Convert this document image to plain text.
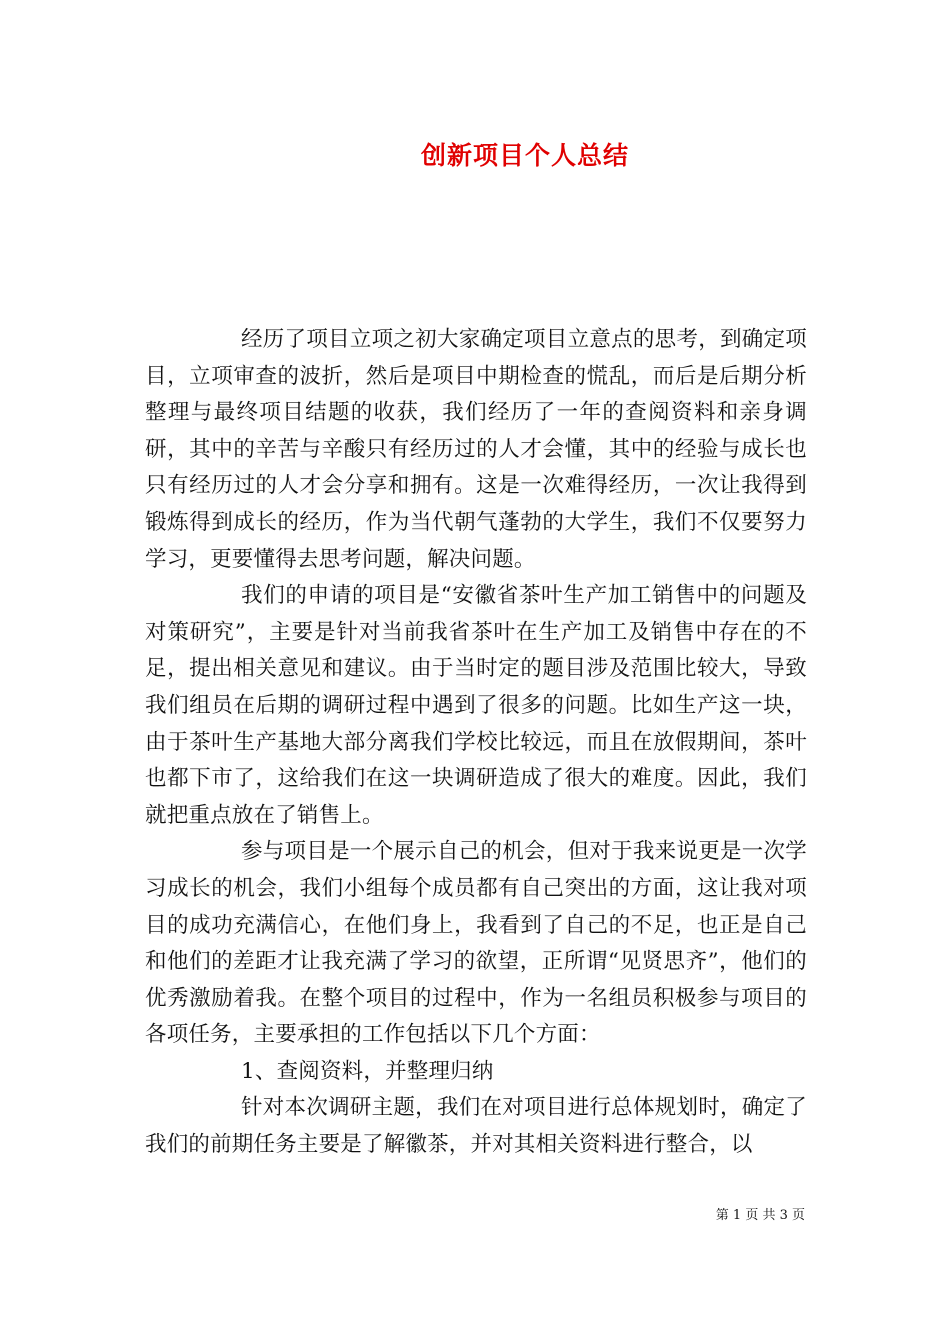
创新项目个人总结

经历了项目立项之初大家确定项目立意点的思考，到确定项目，立项审查的波折，然后是项目中期检查的慌乱，而后是后期分析整理与最终项目结题的收获，我们经历了一年的查阅资料和亲身调研，其中的辛苦与辛酸只有经历过的人才会懂，其中的经验与成长也只有经历过的人才会分享和拥有。这是一次难得经历，一次让我得到锻炼得到成长的经历，作为当代朝气蓬勃的大学生，我们不仅要努力学习，更要懂得去思考问题，解决问题。

我们的申请的项目是“安徽省茶叶生产加工销售中的问题及对策研究”，主要是针对当前我省茶叶在生产加工及销售中存在的不足，提出相关意见和建议。由于当时定的题目涉及范围比较大，导致我们组员在后期的调研过程中遇到了很多的问题。比如生产这一块，由于茶叶生产基地大部分离我们学校比较远，而且在放假期间，茶叶也都下市了，这给我们在这一块调研造成了很大的难度。因此，我们就把重点放在了销售上。

参与项目是一个展示自己的机会，但对于我来说更是一次学习成长的机会，我们小组每个成员都有自己突出的方面，这让我对项目的成功充满信心，在他们身上，我看到了自己的不足，也正是自己和他们的差距才让我充满了学习的欲望，正所谓“见贤思齐”，他们的优秀激励着我。在整个项目的过程中，作为一名组员积极参与项目的各项任务，主要承担的工作包括以下几个方面：

1、查阅资料，并整理归纳

针对本次调研主题，我们在对项目进行总体规划时，确定了我们的前期任务主要是了解徽茶，并对其相关资料进行整合，以

第 1 页 共 3 页
